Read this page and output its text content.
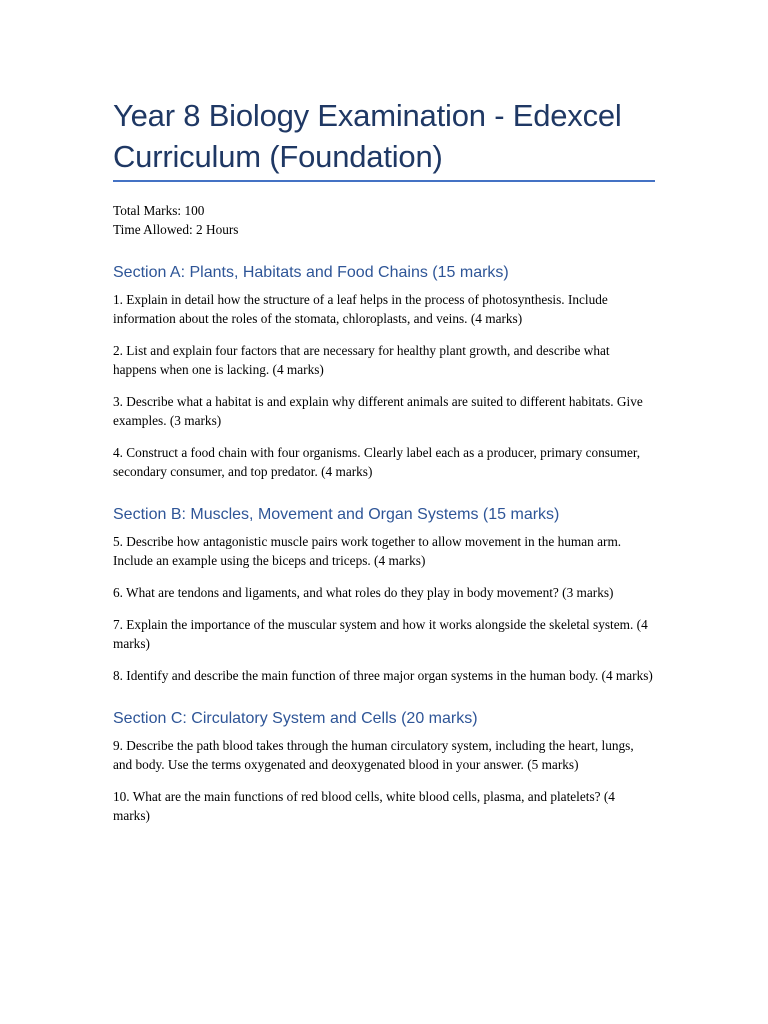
Year 8 Biology Examination - Edexcel Curriculum (Foundation)
Total Marks: 100
Time Allowed: 2 Hours
Section A: Plants, Habitats and Food Chains (15 marks)

1. Explain in detail how the structure of a leaf helps in the process of photosynthesis. Include information about the roles of the stomata, chloroplasts, and veins. (4 marks)

2. List and explain four factors that are necessary for healthy plant growth, and describe what happens when one is lacking. (4 marks)

3. Describe what a habitat is and explain why different animals are suited to different habitats. Give examples. (3 marks)

4. Construct a food chain with four organisms. Clearly label each as a producer, primary consumer, secondary consumer, and top predator. (4 marks)

Section B: Muscles, Movement and Organ Systems (15 marks)

5. Describe how antagonistic muscle pairs work together to allow movement in the human arm. Include an example using the biceps and triceps. (4 marks)

6. What are tendons and ligaments, and what roles do they play in body movement? (3 marks)

7. Explain the importance of the muscular system and how it works alongside the skeletal system. (4 marks)

8. Identify and describe the main function of three major organ systems in the human body. (4 marks)

Section C: Circulatory System and Cells (20 marks)

9. Describe the path blood takes through the human circulatory system, including the heart, lungs, and body. Use the terms oxygenated and deoxygenated blood in your answer. (5 marks)

10. What are the main functions of red blood cells, white blood cells, plasma, and platelets? (4 marks)
